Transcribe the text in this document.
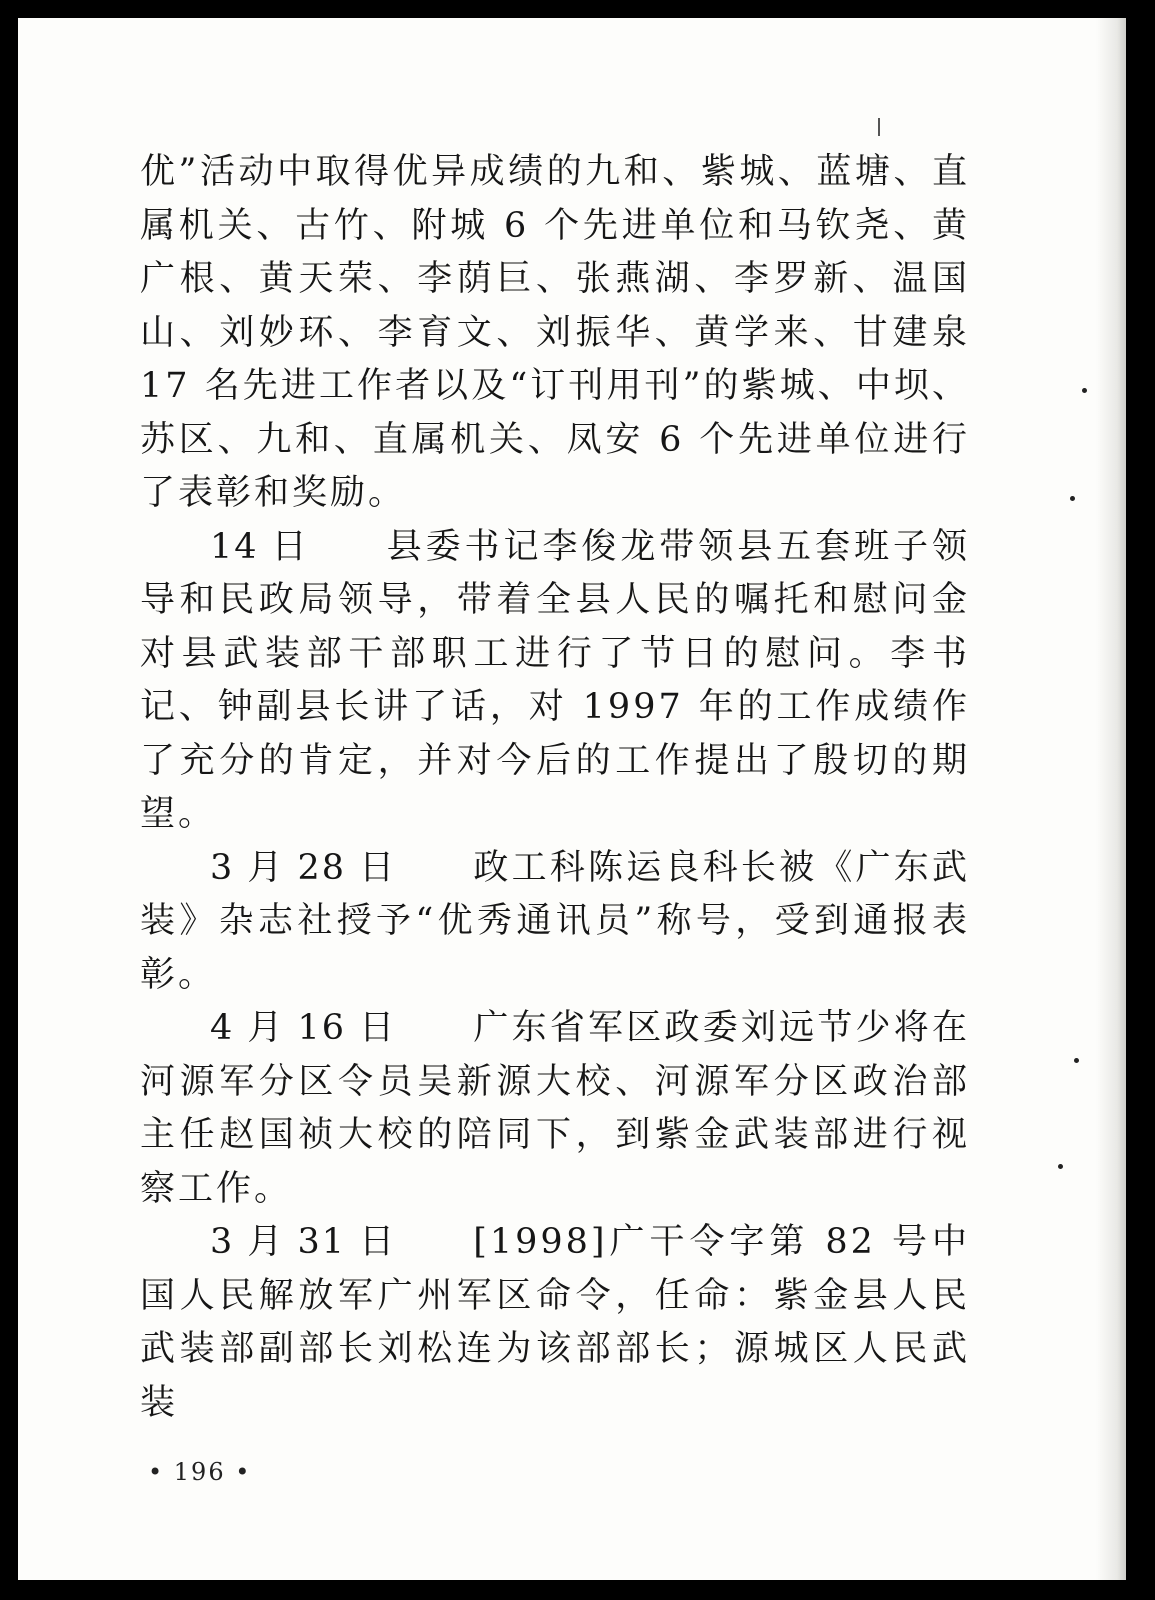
优”活动中取得优异成绩的九和、紫城、蓝塘、直属机关、古竹、附城 6 个先进单位和马钦尧、黄广根、黄天荣、李荫巨、张燕湖、李罗新、温国山、刘妙环、李育文、刘振华、黄学来、甘建泉 17 名先进工作者以及“订刊用刊”的紫城、中坝、苏区、九和、直属机关、凤安 6 个先进单位进行了表彰和奖励。

14 日 县委书记李俊龙带领县五套班子领导和民政局领导，带着全县人民的嘱托和慰问金对县武装部干部职工进行了节日的慰问。李书记、钟副县长讲了话，对 1997 年的工作成绩作了充分的肯定，并对今后的工作提出了殷切的期望。

3 月 28 日 政工科陈运良科长被《广东武装》杂志社授予“优秀通讯员”称号，受到通报表彰。

4 月 16 日 广东省军区政委刘远节少将在河源军分区令员吴新源大校、河源军分区政治部主任赵国祯大校的陪同下，到紫金武装部进行视察工作。

3 月 31 日 [1998]广干令字第 82 号中国人民解放军广州军区命令，任命：紫金县人民武装部副部长刘松连为该部部长；源城区人民武装

• 196 •
